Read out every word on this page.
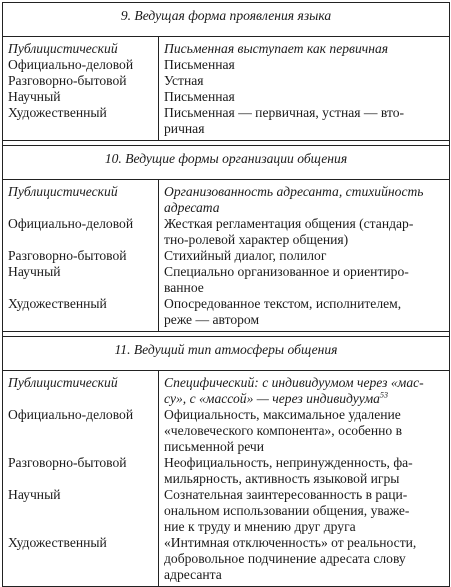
9. Ведущая форма проявления языка	
Публицистический	Письменная выступает как первичная
Официально-деловой	Письменная
Разговорно-бытовой	Устная
Научный	Письменная
Художественный	Письменная — первичная, устная — вто-
ричная

10. Ведущие формы организации общения	
Публицистический	Организованность адресанта, стихийность
адресата
Официально-деловой	Жесткая регламентация общения (стандар-
тно-ролевой характер общения)
Разговорно-бытовой	Стихийный диалог, полилог
Научный	Специально организованное и ориентиро-
ванное
Художественный	Опосредованное текстом, исполнителем,
реже — автором

11. Ведущий тип атмосферы общения	
Публицистический	Специфический: с индивидуумом через «мас-
су», с «массой» — через индивидуума$^{53}$
Официально-деловой	Официальность, максимальное удаление
«человеческого компонента», особенно в
письменной речи
Разговорно-бытовой	Неофициальность, непринужденность, фа-
мильярность, активность языковой игры
Научный	Сознательная заинтересованность в раци-
ональном использовании общения, уваже-
ние к труду и мнению друг друга
Художественный	«Интимная отключенность» от реальности,
добровольное подчинение адресата слову
адресанта
